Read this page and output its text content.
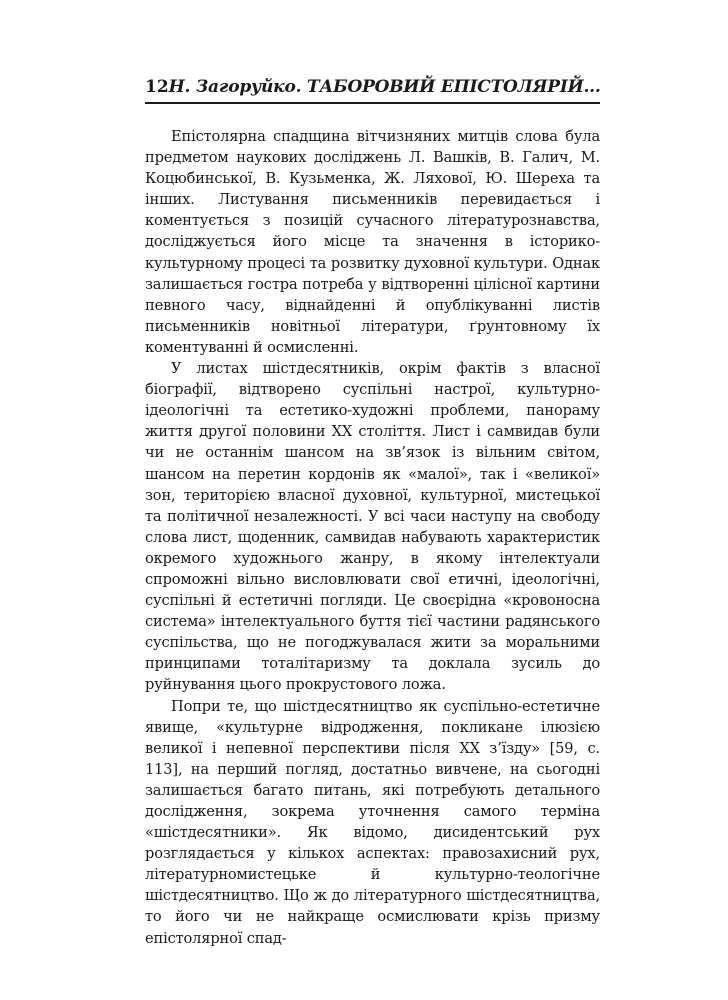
12 Н. Загоруйко. ТАБОРОВИЙ ЕПІСТОЛЯРІЙ...

Епістолярна спадщина вітчизняних митців слова була предметом наукових досліджень Л. Вашків, В. Галич, М. Коцюбинської, В. Кузьменка, Ж. Ляхової, Ю. Шереха та інших. Листування письменників перевидається і коментується з позицій сучасного літературознавства, досліджується його місце та значення в історико-культурному процесі та розвитку духовної культури. Однак залишається гостра потреба у відтворенні цілісної картини певного часу, віднайденні й опублікуванні листів письменників новітньої літератури, ґрунтовному їх коментуванні й осмисленні.

У листах шістдесятників, окрім фактів з власної біографії, відтворено суспільні настрої, культурно-ідеологічні та естетико-художні проблеми, панораму життя другої половини ХХ століття. Лист і самвидав були чи не останнім шансом на зв’язок із вільним світом, шансом на перетин кордонів як «малої», так і «великої» зон, територією власної духовної, культурної, мистецької та політичної незалежності. У всі часи наступу на свободу слова лист, щоденник, самвидав набувають характеристик окремого художнього жанру, в якому інтелектуали спроможні вільно висловлювати свої етичні, ідеологічні, суспільні й естетичні погляди. Це своєрідна «кровоносна система» інтелектуального буття тієї частини радянського суспільства, що не погоджувалася жити за моральними принципами тоталітаризму та доклала зусиль до руйнування цього прокрустового ложа.

Попри те, що шістдесятництво як суспільно-естетичне явище, «культурне відродження, покликане ілюзією великої і непевної перспективи після ХХ з’їзду» [59, с. 113], на перший погляд, достатньо вивчене, на сьогодні залишається багато питань, які потребують детального дослідження, зокрема уточнення самого терміна «шістдесятники». Як відомо, дисидентський рух розглядається у кількох аспектах: правозахисний рух, літературномистецьке й культурно-теологічне шістдесятництво. Що ж до літературного шістдесятництва, то його чи не найкраще осмислювати крізь призму епістолярної спад-
